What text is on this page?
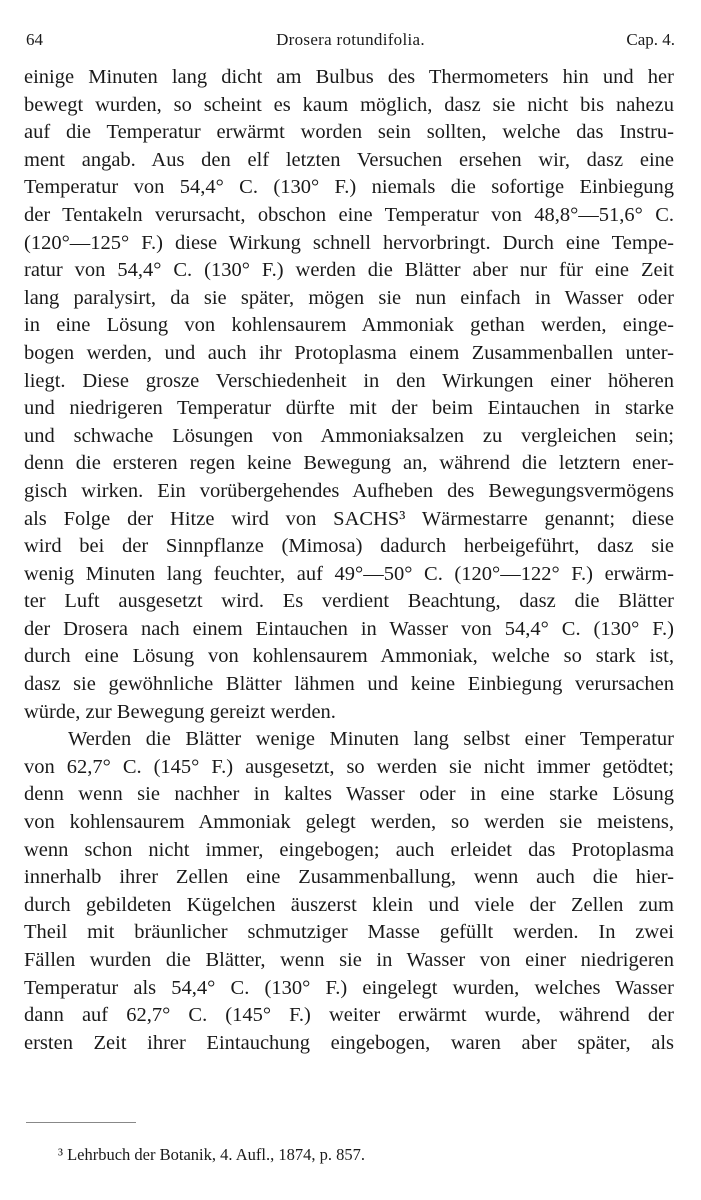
64	Drosera rotundifolia.	Cap. 4.
einige Minuten lang dicht am Bulbus des Thermometers hin und her
bewegt wurden, so scheint es kaum möglich, dasz sie nicht bis nahezu
auf die Temperatur erwärmt worden sein sollten, welche das Instru-
ment angab. Aus den elf letzten Versuchen ersehen wir, dasz eine
Temperatur von 54,4° C. (130° F.) niemals die sofortige Einbiegung
der Tentakeln verursacht, obschon eine Temperatur von 48,8°—51,6° C.
(120°—125° F.) diese Wirkung schnell hervorbringt. Durch eine Tempe-
ratur von 54,4° C. (130° F.) werden die Blätter aber nur für eine Zeit
lang paralysirt, da sie später, mögen sie nun einfach in Wasser oder
in eine Lösung von kohlensaurem Ammoniak gethan werden, einge-
bogen werden, und auch ihr Protoplasma einem Zusammenballen unter-
liegt. Diese grosze Verschiedenheit in den Wirkungen einer höheren
und niedrigeren Temperatur dürfte mit der beim Eintauchen in starke
und schwache Lösungen von Ammoniaksalzen zu vergleichen sein;
denn die ersteren regen keine Bewegung an, während die letztern ener-
gisch wirken. Ein vorübergehendes Aufheben des Bewegungsvermögens
als Folge der Hitze wird von SACHS³ Wärmestarre genannt; diese
wird bei der Sinnpflanze (Mimosa) dadurch herbeigeführt, dasz sie
wenig Minuten lang feuchter, auf 49°—50° C. (120°—122° F.) erwärm-
ter Luft ausgesetzt wird. Es verdient Beachtung, dasz die Blätter
der Drosera nach einem Eintauchen in Wasser von 54,4° C. (130° F.)
durch eine Lösung von kohlensaurem Ammoniak, welche so stark ist,
dasz sie gewöhnliche Blätter lähmen und keine Einbiegung verursachen
würde, zur Bewegung gereizt werden.
Werden die Blätter wenige Minuten lang selbst einer Temperatur
von 62,7° C. (145° F.) ausgesetzt, so werden sie nicht immer getödtet;
denn wenn sie nachher in kaltes Wasser oder in eine starke Lösung
von kohlensaurem Ammoniak gelegt werden, so werden sie meistens,
wenn schon nicht immer, eingebogen; auch erleidet das Protoplasma
innerhalb ihrer Zellen eine Zusammenballung, wenn auch die hier-
durch gebildeten Kügelchen äuszerst klein und viele der Zellen zum
Theil mit bräunlicher schmutziger Masse gefüllt werden. In zwei
Fällen wurden die Blätter, wenn sie in Wasser von einer niedrigeren
Temperatur als 54,4° C. (130° F.) eingelegt wurden, welches Wasser
dann auf 62,7° C. (145° F.) weiter erwärmt wurde, während der
ersten Zeit ihrer Eintauchung eingebogen, waren aber später, als
³ Lehrbuch der Botanik, 4. Aufl., 1874, p. 857.
